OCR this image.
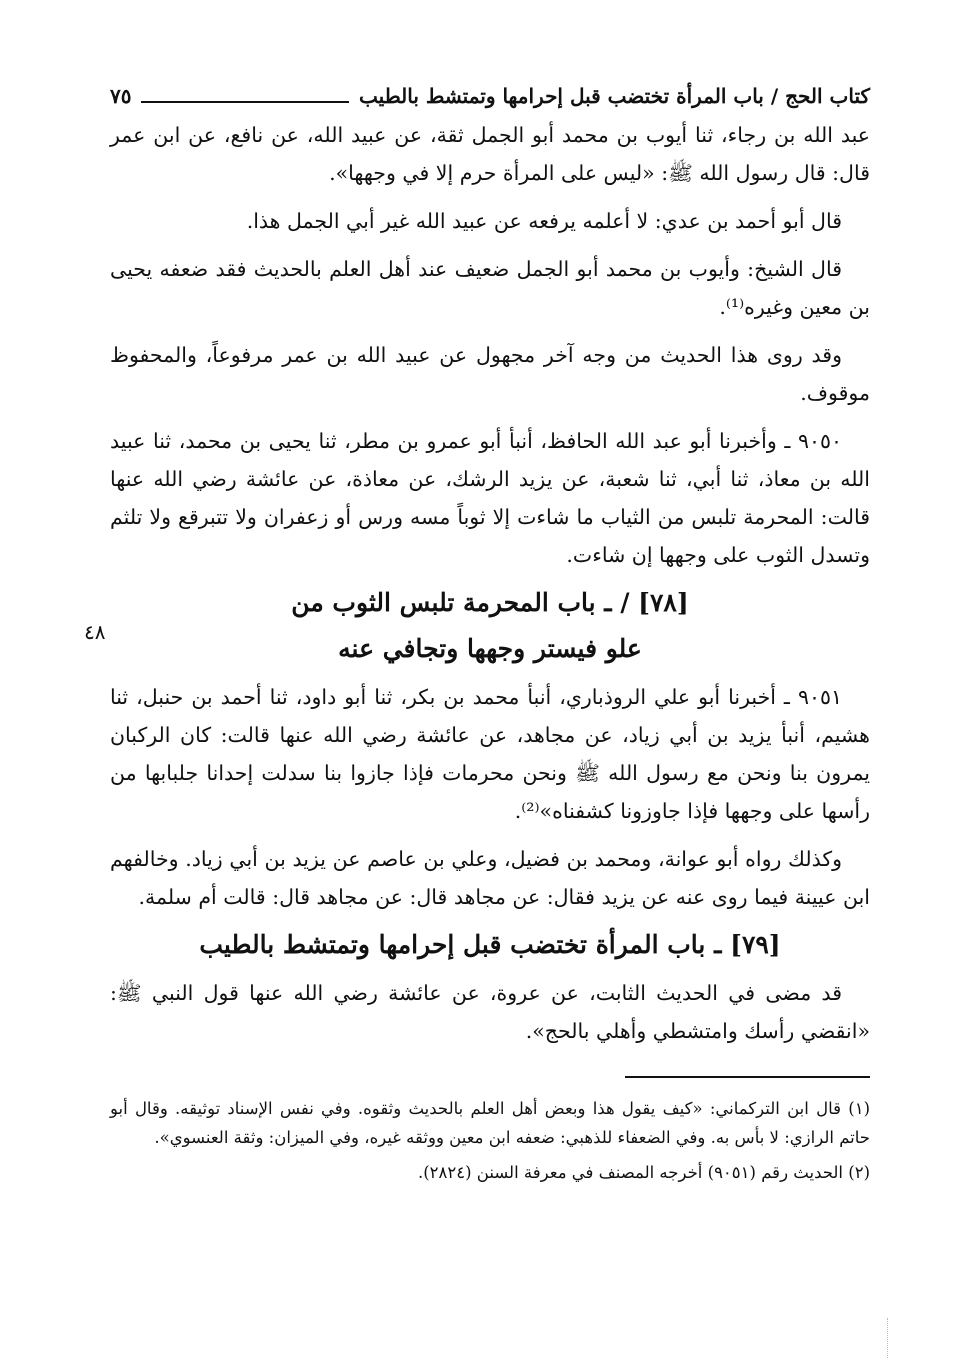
كتاب الحج / باب المرأة تختضب قبل إحرامها وتمتشط بالطيب
٧٥

عبد الله بن رجاء، ثنا أيوب بن محمد أبو الجمل ثقة، عن عبيد الله، عن نافع، عن ابن عمر قال: قال رسول الله ﷺ: «ليس على المرأة حرم إلا في وجهها».

قال أبو أحمد بن عدي: لا أعلمه يرفعه عن عبيد الله غير أبي الجمل هذا.

قال الشيخ: وأيوب بن محمد أبو الجمل ضعيف عند أهل العلم بالحديث فقد ضعفه يحيى بن معين وغيره⁽¹⁾.

وقد روى هذا الحديث من وجه آخر مجهول عن عبيد الله بن عمر مرفوعاً، والمحفوظ موقوف.

٩٠٥٠ ـ وأخبرنا أبو عبد الله الحافظ، أنبأ أبو عمرو بن مطر، ثنا يحيى بن محمد، ثنا عبيد الله بن معاذ، ثنا أبي، ثنا شعبة، عن يزيد الرشك، عن معاذة، عن عائشة رضي الله عنها قالت: المحرمة تلبس من الثياب ما شاءت إلا ثوباً مسه ورس أو زعفران ولا تتبرقع ولا تلثم وتسدل الثوب على وجهها إن شاءت.

[٧٨] / ـ باب المحرمة تلبس الثوب من
علو فيستر وجهها وتجافي عنه

٩٠٥١ ـ أخبرنا أبو علي الروذباري، أنبأ محمد بن بكر، ثنا أبو داود، ثنا أحمد بن حنبل، ثنا هشيم، أنبأ يزيد بن أبي زياد، عن مجاهد، عن عائشة رضي الله عنها قالت: كان الركبان يمرون بنا ونحن مع رسول الله ﷺ ونحن محرمات فإذا جازوا بنا سدلت إحدانا جلبابها من رأسها على وجهها فإذا جاوزونا كشفناه»⁽²⁾.

وكذلك رواه أبو عوانة، ومحمد بن فضيل، وعلي بن عاصم عن يزيد بن أبي زياد. وخالفهم ابن عيينة فيما روى عنه عن يزيد فقال: عن مجاهد قال: عن مجاهد قال: قالت أم سلمة.

[٧٩] ـ باب المرأة تختضب قبل إحرامها وتمتشط بالطيب

قد مضى في الحديث الثابت، عن عروة، عن عائشة رضي الله عنها قول النبي ﷺ: «انقضي رأسك وامتشطي وأهلي بالحج».

(١) قال ابن التركماني: «كيف يقول هذا وبعض أهل العلم بالحديث وثقوه. وفي نفس الإسناد توثيقه. وقال أبو حاتم الرازي: لا بأس به. وفي الضعفاء للذهبي: ضعفه ابن معين ووثقه غيره، وفي الميزان: وثقة العنسوي».

(٢) الحديث رقم (٩٠٥١) أخرجه المصنف في معرفة السنن (٢٨٢٤).

٤٨
